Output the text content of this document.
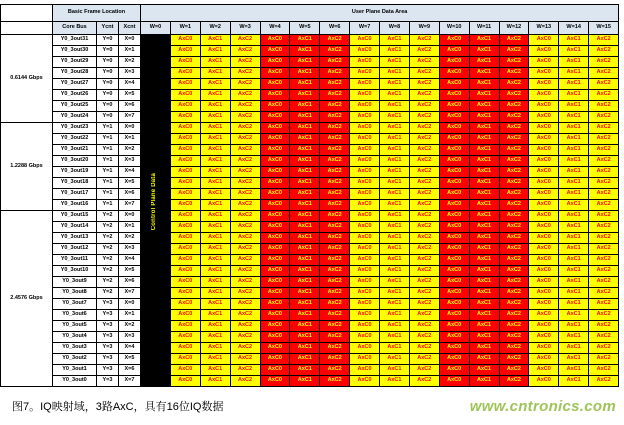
	Basic Frame Location			User Plane Data Area															
	Core Bus	Ycnt	Xcnt	W=0	W=1	W=2	W=3	W=4	W=5	W=6	W=7	W=8	W=9	W=10	W=11	W=12	W=13	W=14	W=15
0.6144 Gbps	Y0_3out31	Y=0	X=0		AxC0	AxC1	AxC2	AxC0	AxC1	AxC2	AxC0	AxC1	AxC2	AxC0	AxC1	AxC2	AxC0	AxC1	AxC2
	Y0_3out30	Y=0	X=1		AxC0	AxC1	AxC2	AxC0	AxC1	AxC2	AxC0	AxC1	AxC2	AxC0	AxC1	AxC2	AxC0	AxC1	AxC2
	Y0_3out29	Y=0	X=2		AxC0	AxC1	AxC2	AxC0	AxC1	AxC2	AxC0	AxC1	AxC2	AxC0	AxC1	AxC2	AxC0	AxC1	AxC2
	Y0_3out28	Y=0	X=3		AxC0	AxC1	AxC2	AxC0	AxC1	AxC2	AxC0	AxC1	AxC2	AxC0	AxC1	AxC2	AxC0	AxC1	AxC2
	Y0_3out27	Y=0	X=4		AxC0	AxC1	AxC2	AxC0	AxC1	AxC2	AxC0	AxC1	AxC2	AxC0	AxC1	AxC2	AxC0	AxC1	AxC2
	Y0_3out26	Y=0	X=5		AxC0	AxC1	AxC2	AxC0	AxC1	AxC2	AxC0	AxC1	AxC2	AxC0	AxC1	AxC2	AxC0	AxC1	AxC2
	Y0_3out25	Y=0	X=6		AxC0	AxC1	AxC2	AxC0	AxC1	AxC2	AxC0	AxC1	AxC2	AxC0	AxC1	AxC2	AxC0	AxC1	AxC2
	Y0_3out24	Y=0	X=7		AxC0	AxC1	AxC2	AxC0	AxC1	AxC2	AxC0	AxC1	AxC2	AxC0	AxC1	AxC2	AxC0	AxC1	AxC2
1.2288 Gbps	Y0_3out23	Y=1	X=0		AxC0	AxC1	AxC2	AxC0	AxC1	AxC2	AxC0	AxC1	AxC2	AxC0	AxC1	AxC2	AxC0	AxC1	AxC2
	Y0_3out22	Y=1	X=1		AxC0	AxC1	AxC2	AxC0	AxC1	AxC2	AxC0	AxC1	AxC2	AxC0	AxC1	AxC2	AxC0	AxC1	AxC2
	Y0_3out21	Y=1	X=2		AxC0	AxC1	AxC2	AxC0	AxC1	AxC2	AxC0	AxC1	AxC2	AxC0	AxC1	AxC2	AxC0	AxC1	AxC2
	Y0_3out20	Y=1	X=3		AxC0	AxC1	AxC2	AxC0	AxC1	AxC2	AxC0	AxC1	AxC2	AxC0	AxC1	AxC2	AxC0	AxC1	AxC2
	Y0_3out19	Y=1	X=4		AxC0	AxC1	AxC2	AxC0	AxC1	AxC2	AxC0	AxC1	AxC2	AxC0	AxC1	AxC2	AxC0	AxC1	AxC2
	Y0_3out18	Y=1	X=5		AxC0	AxC1	AxC2	AxC0	AxC1	AxC2	AxC0	AxC1	AxC2	AxC0	AxC1	AxC2	AxC0	AxC1	AxC2
	Y0_3out17	Y=1	X=6		AxC0	AxC1	AxC2	AxC0	AxC1	AxC2	AxC0	AxC1	AxC2	AxC0	AxC1	AxC2	AxC0	AxC1	AxC2
	Y0_3out16	Y=1	X=7		AxC0	AxC1	AxC2	AxC0	AxC1	AxC2	AxC0	AxC1	AxC2	AxC0	AxC1	AxC2	AxC0	AxC1	AxC2
2.4576 Gbps	Y0_3out15	Y=2	X=0		AxC0	AxC1	AxC2	AxC0	AxC1	AxC2	AxC0	AxC1	AxC2	AxC0	AxC1	AxC2	AxC0	AxC1	AxC2
	Y0_3out14	Y=2	X=1		AxC0	AxC1	AxC2	AxC0	AxC1	AxC2	AxC0	AxC1	AxC2	AxC0	AxC1	AxC2	AxC0	AxC1	AxC2
	Y0_3out13	Y=2	X=2		AxC0	AxC1	AxC2	AxC0	AxC1	AxC2	AxC0	AxC1	AxC2	AxC0	AxC1	AxC2	AxC0	AxC1	AxC2
	Y0_3out12	Y=2	X=3		AxC0	AxC1	AxC2	AxC0	AxC1	AxC2	AxC0	AxC1	AxC2	AxC0	AxC1	AxC2	AxC0	AxC1	AxC2
	Y0_3out11	Y=2	X=4		AxC0	AxC1	AxC2	AxC0	AxC1	AxC2	AxC0	AxC1	AxC2	AxC0	AxC1	AxC2	AxC0	AxC1	AxC2
	Y0_3out10	Y=2	X=5		AxC0	AxC1	AxC2	AxC0	AxC1	AxC2	AxC0	AxC1	AxC2	AxC0	AxC1	AxC2	AxC0	AxC1	AxC2
	Y0_3out9	Y=2	X=6		AxC0	AxC1	AxC2	AxC0	AxC1	AxC2	AxC0	AxC1	AxC2	AxC0	AxC1	AxC2	AxC0	AxC1	AxC2
	Y0_3out8	Y=2	X=7		AxC0	AxC1	AxC2	AxC0	AxC1	AxC2	AxC0	AxC1	AxC2	AxC0	AxC1	AxC2	AxC0	AxC1	AxC2
	Y0_3out7	Y=3	X=0		AxC0	AxC1	AxC2	AxC0	AxC1	AxC2	AxC0	AxC1	AxC2	AxC0	AxC1	AxC2	AxC0	AxC1	AxC2
	Y0_3out6	Y=3	X=1		AxC0	AxC1	AxC2	AxC0	AxC1	AxC2	AxC0	AxC1	AxC2	AxC0	AxC1	AxC2	AxC0	AxC1	AxC2
	Y0_3out5	Y=3	X=2		AxC0	AxC1	AxC2	AxC0	AxC1	AxC2	AxC0	AxC1	AxC2	AxC0	AxC1	AxC2	AxC0	AxC1	AxC2
	Y0_3out4	Y=3	X=3		AxC0	AxC1	AxC2	AxC0	AxC1	AxC2	AxC0	AxC1	AxC2	AxC0	AxC1	AxC2	AxC0	AxC1	AxC2
	Y0_3out3	Y=3	X=4		AxC0	AxC1	AxC2	AxC0	AxC1	AxC2	AxC0	AxC1	AxC2	AxC0	AxC1	AxC2	AxC0	AxC1	AxC2
	Y0_3out2	Y=3	X=5		AxC0	AxC1	AxC2	AxC0	AxC1	AxC2	AxC0	AxC1	AxC2	AxC0	AxC1	AxC2	AxC0	AxC1	AxC2
	Y0_3out1	Y=3	X=6		AxC0	AxC1	AxC2	AxC0	AxC1	AxC2	AxC0	AxC1	AxC2	AxC0	AxC1	AxC2	AxC0	AxC1	AxC2
	Y0_3out0	Y=3	X=7		AxC0	AxC1	AxC2	AxC0	AxC1	AxC2	AxC0	AxC1	AxC2	AxC0	AxC1	AxC2	AxC0	AxC1	AxC2
Control Plane Data
图7。IQ映射域，3路AxC，具有16位IQ数据	www.cntronics.com
